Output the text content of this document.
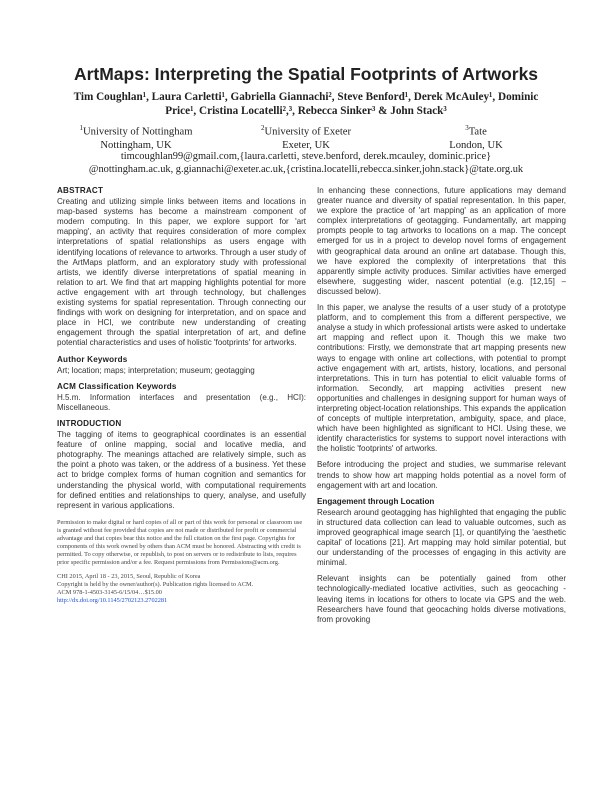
ArtMaps: Interpreting the Spatial Footprints of Artworks
Tim Coughlan¹, Laura Carletti¹, Gabriella Giannachi², Steve Benford¹, Derek McAuley¹, Dominic
Price¹, Cristina Locatelli²,³, Rebecca Sinker³ & John Stack³
$^1$University of Nottingham
Nottingham, UK
$^2$University of Exeter
Exeter, UK
$^3$Tate
London, UK
timcoughlan99@gmail.com,{laura.carletti, steve.benford, derek.mcauley, dominic.price}
@nottingham.ac.uk, g.giannachi@exeter.ac.uk,{cristina.locatelli,rebecca.sinker,john.stack}@tate.org.uk
ABSTRACT

Creating and utilizing simple links between items and locations in map-based systems has become a mainstream component of modern computing. In this paper, we explore support for 'art mapping', an activity that requires consideration of more complex interpretations of spatial relationships as users engage with identifying locations of relevance to artworks. Through a user study of the ArtMaps platform, and an exploratory study with professional artists, we identify diverse interpretations of spatial meaning in relation to art. We find that art mapping highlights potential for more active engagement with art through technology, but challenges existing systems for spatial representation. Through connecting our findings with work on designing for interpretation, and on space and place in HCI, we contribute new understanding of creating engagement through the spatial interpretation of art, and define potential characteristics and uses of holistic 'footprints' for artworks.

Author Keywords

Art; location; maps; interpretation; museum; geotagging

ACM Classification Keywords

H.5.m. Information interfaces and presentation (e.g., HCI): Miscellaneous.

INTRODUCTION

The tagging of items to geographical coordinates is an essential feature of online mapping, social and locative media, and photography. The meanings attached are relatively simple, such as the point a photo was taken, or the address of a business. Yet these act to bridge complex forms of human cognition and semantics for understanding the physical world, with computational requirements for defined entities and relationships to query, analyse, and usefully represent in various applications.

Permission to make digital or hard copies of all or part of this work for personal or classroom use is granted without fee provided that copies are not made or distributed for profit or commercial advantage and that copies bear this notice and the full citation on the first page. Copyrights for components of this work owned by others than ACM must be honored. Abstracting with credit is permitted. To copy otherwise, or republish, to post on servers or to redistribute to lists, requires prior specific permission and/or a fee. Request permissions from Permissions@acm.org.

CHI 2015, April 18 - 23, 2015, Seoul, Republic of Korea
Copyright is held by the owner/author(s). Publication rights licensed to ACM.
ACM 978-1-4503-3145-6/15/04…$15.00
http://dx.doi.org/10.1145/2702123.2702281

In enhancing these connections, future applications may demand greater nuance and diversity of spatial representation. In this paper, we explore the practice of 'art mapping' as an application of more complex interpretations of geotagging. Fundamentally, art mapping prompts people to tag artworks to locations on a map. The concept emerged for us in a project to develop novel forms of engagement with geographical data around an online art database. Though this, we have explored the complexity of interpretations that this apparently simple activity produces. Similar activities have emerged elsewhere, suggesting wider, nascent potential (e.g. [12,15] – discussed below).

In this paper, we analyse the results of a user study of a prototype platform, and to complement this from a different perspective, we analyse a study in which professional artists were asked to undertake art mapping and reflect upon it. Though this we make two contributions: Firstly, we demonstrate that art mapping presents new ways to engage with online art collections, with potential to prompt active engagement with art, artists, history, locations, and personal interpretations. This in turn has potential to elicit valuable forms of information. Secondly, art mapping activities present new opportunities and challenges in designing support for human ways of interpreting object-location relationships. This expands the application of concepts of multiple interpretation, ambiguity, space, and place, which have been highlighted as significant to HCI. Using these, we identify characteristics for systems to support novel interactions with the holistic 'footprints' of artworks.

Before introducing the project and studies, we summarise relevant trends to show how art mapping holds potential as a novel form of engagement with art and location.

Engagement through Location

Research around geotagging has highlighted that engaging the public in structured data collection can lead to valuable outcomes, such as improved geographical image search [1], or quantifying the 'aesthetic capital' of locations [21]. Art mapping may hold similar potential, but our understanding of the processes of engaging in this activity are minimal.

Relevant insights can be potentially gained from other technologically-mediated locative activities, such as geocaching - leaving items in locations for others to locate via GPS and the web. Researchers have found that geocaching holds diverse motivations, from provoking
